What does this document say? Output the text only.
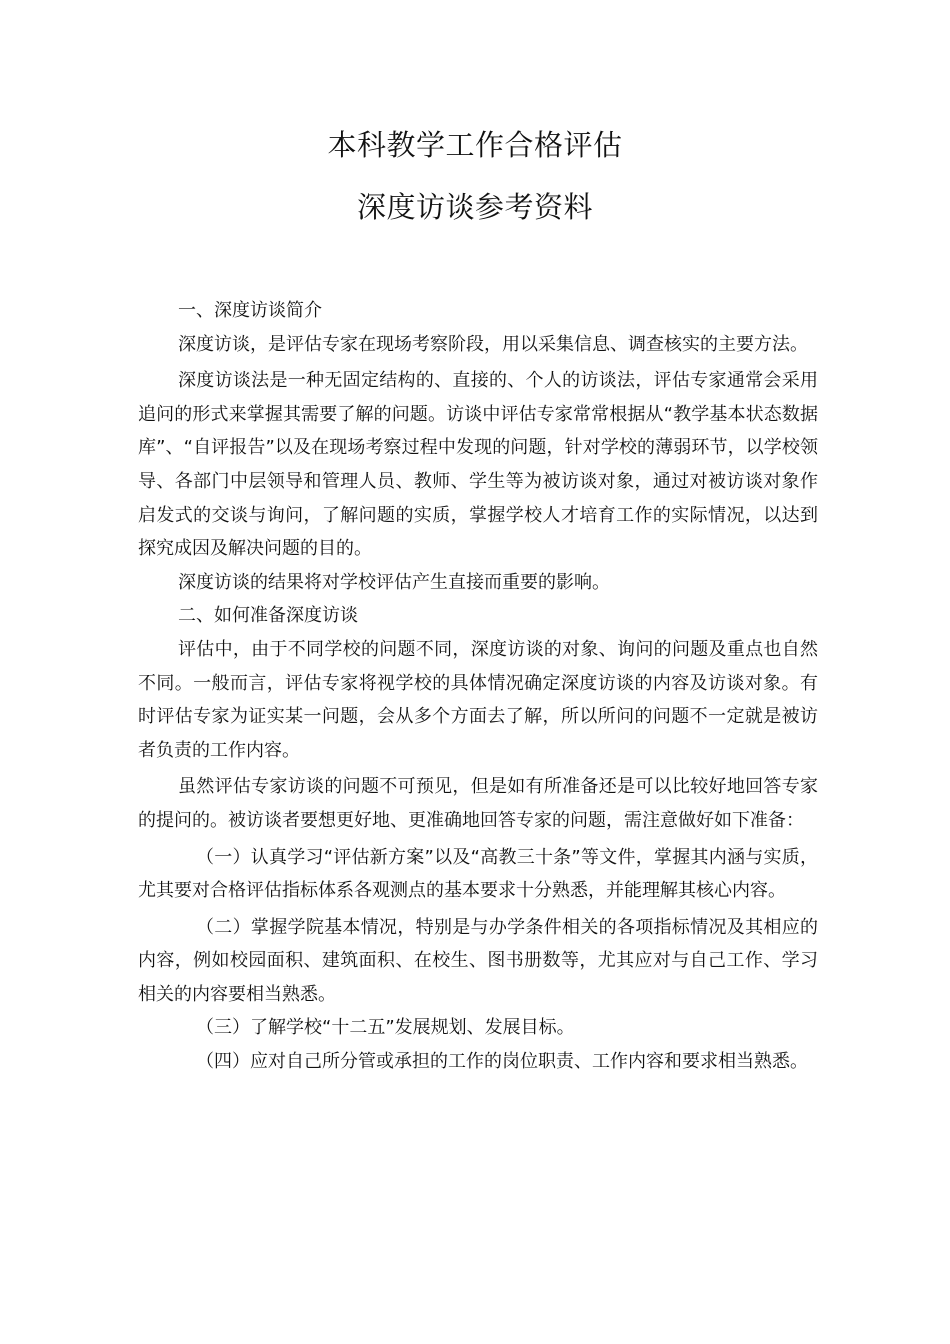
本科教学工作合格评估
深度访谈参考资料
一、深度访谈简介

深度访谈，是评估专家在现场考察阶段，用以采集信息、调查核实的主要方法。

深度访谈法是一种无固定结构的、直接的、个人的访谈法，评估专家通常会采用追问的形式来掌握其需要了解的问题。访谈中评估专家常常根据从“教学基本状态数据库”、“自评报告”以及在现场考察过程中发现的问题，针对学校的薄弱环节，以学校领导、各部门中层领导和管理人员、教师、学生等为被访谈对象，通过对被访谈对象作启发式的交谈与询问，了解问题的实质，掌握学校人才培育工作的实际情况，以达到探究成因及解决问题的目的。

深度访谈的结果将对学校评估产生直接而重要的影响。

二、如何准备深度访谈

评估中，由于不同学校的问题不同，深度访谈的对象、询问的问题及重点也自然不同。一般而言，评估专家将视学校的具体情况确定深度访谈的内容及访谈对象。有时评估专家为证实某一问题，会从多个方面去了解，所以所问的问题不一定就是被访者负责的工作内容。

虽然评估专家访谈的问题不可预见，但是如有所准备还是可以比较好地回答专家的提问的。被访谈者要想更好地、更准确地回答专家的问题，需注意做好如下准备：

（一）认真学习“评估新方案”以及“高教三十条”等文件，掌握其内涵与实质，尤其要对合格评估指标体系各观测点的基本要求十分熟悉，并能理解其核心内容。

（二）掌握学院基本情况，特别是与办学条件相关的各项指标情况及其相应的内容，例如校园面积、建筑面积、在校生、图书册数等，尤其应对与自己工作、学习相关的内容要相当熟悉。

（三）了解学校“十二五”发展规划、发展目标。

（四）应对自己所分管或承担的工作的岗位职责、工作内容和要求相当熟悉。
